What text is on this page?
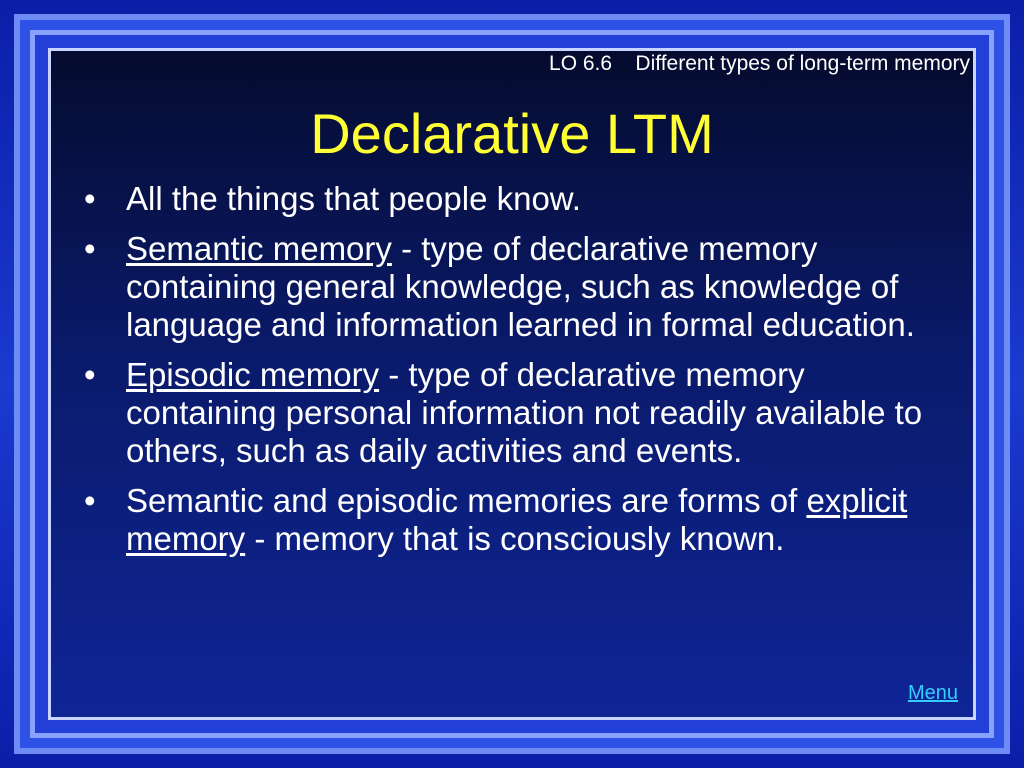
LO 6.6 Different types of long-term memory
Declarative LTM
• All the things that people know.
• Semantic memory - type of declarative memory containing general knowledge, such as knowledge of language and information learned in formal education.
• Episodic memory - type of declarative memory containing personal information not readily available to others, such as daily activities and events.
• Semantic and episodic memories are forms of explicit memory - memory that is consciously known.
Menu
